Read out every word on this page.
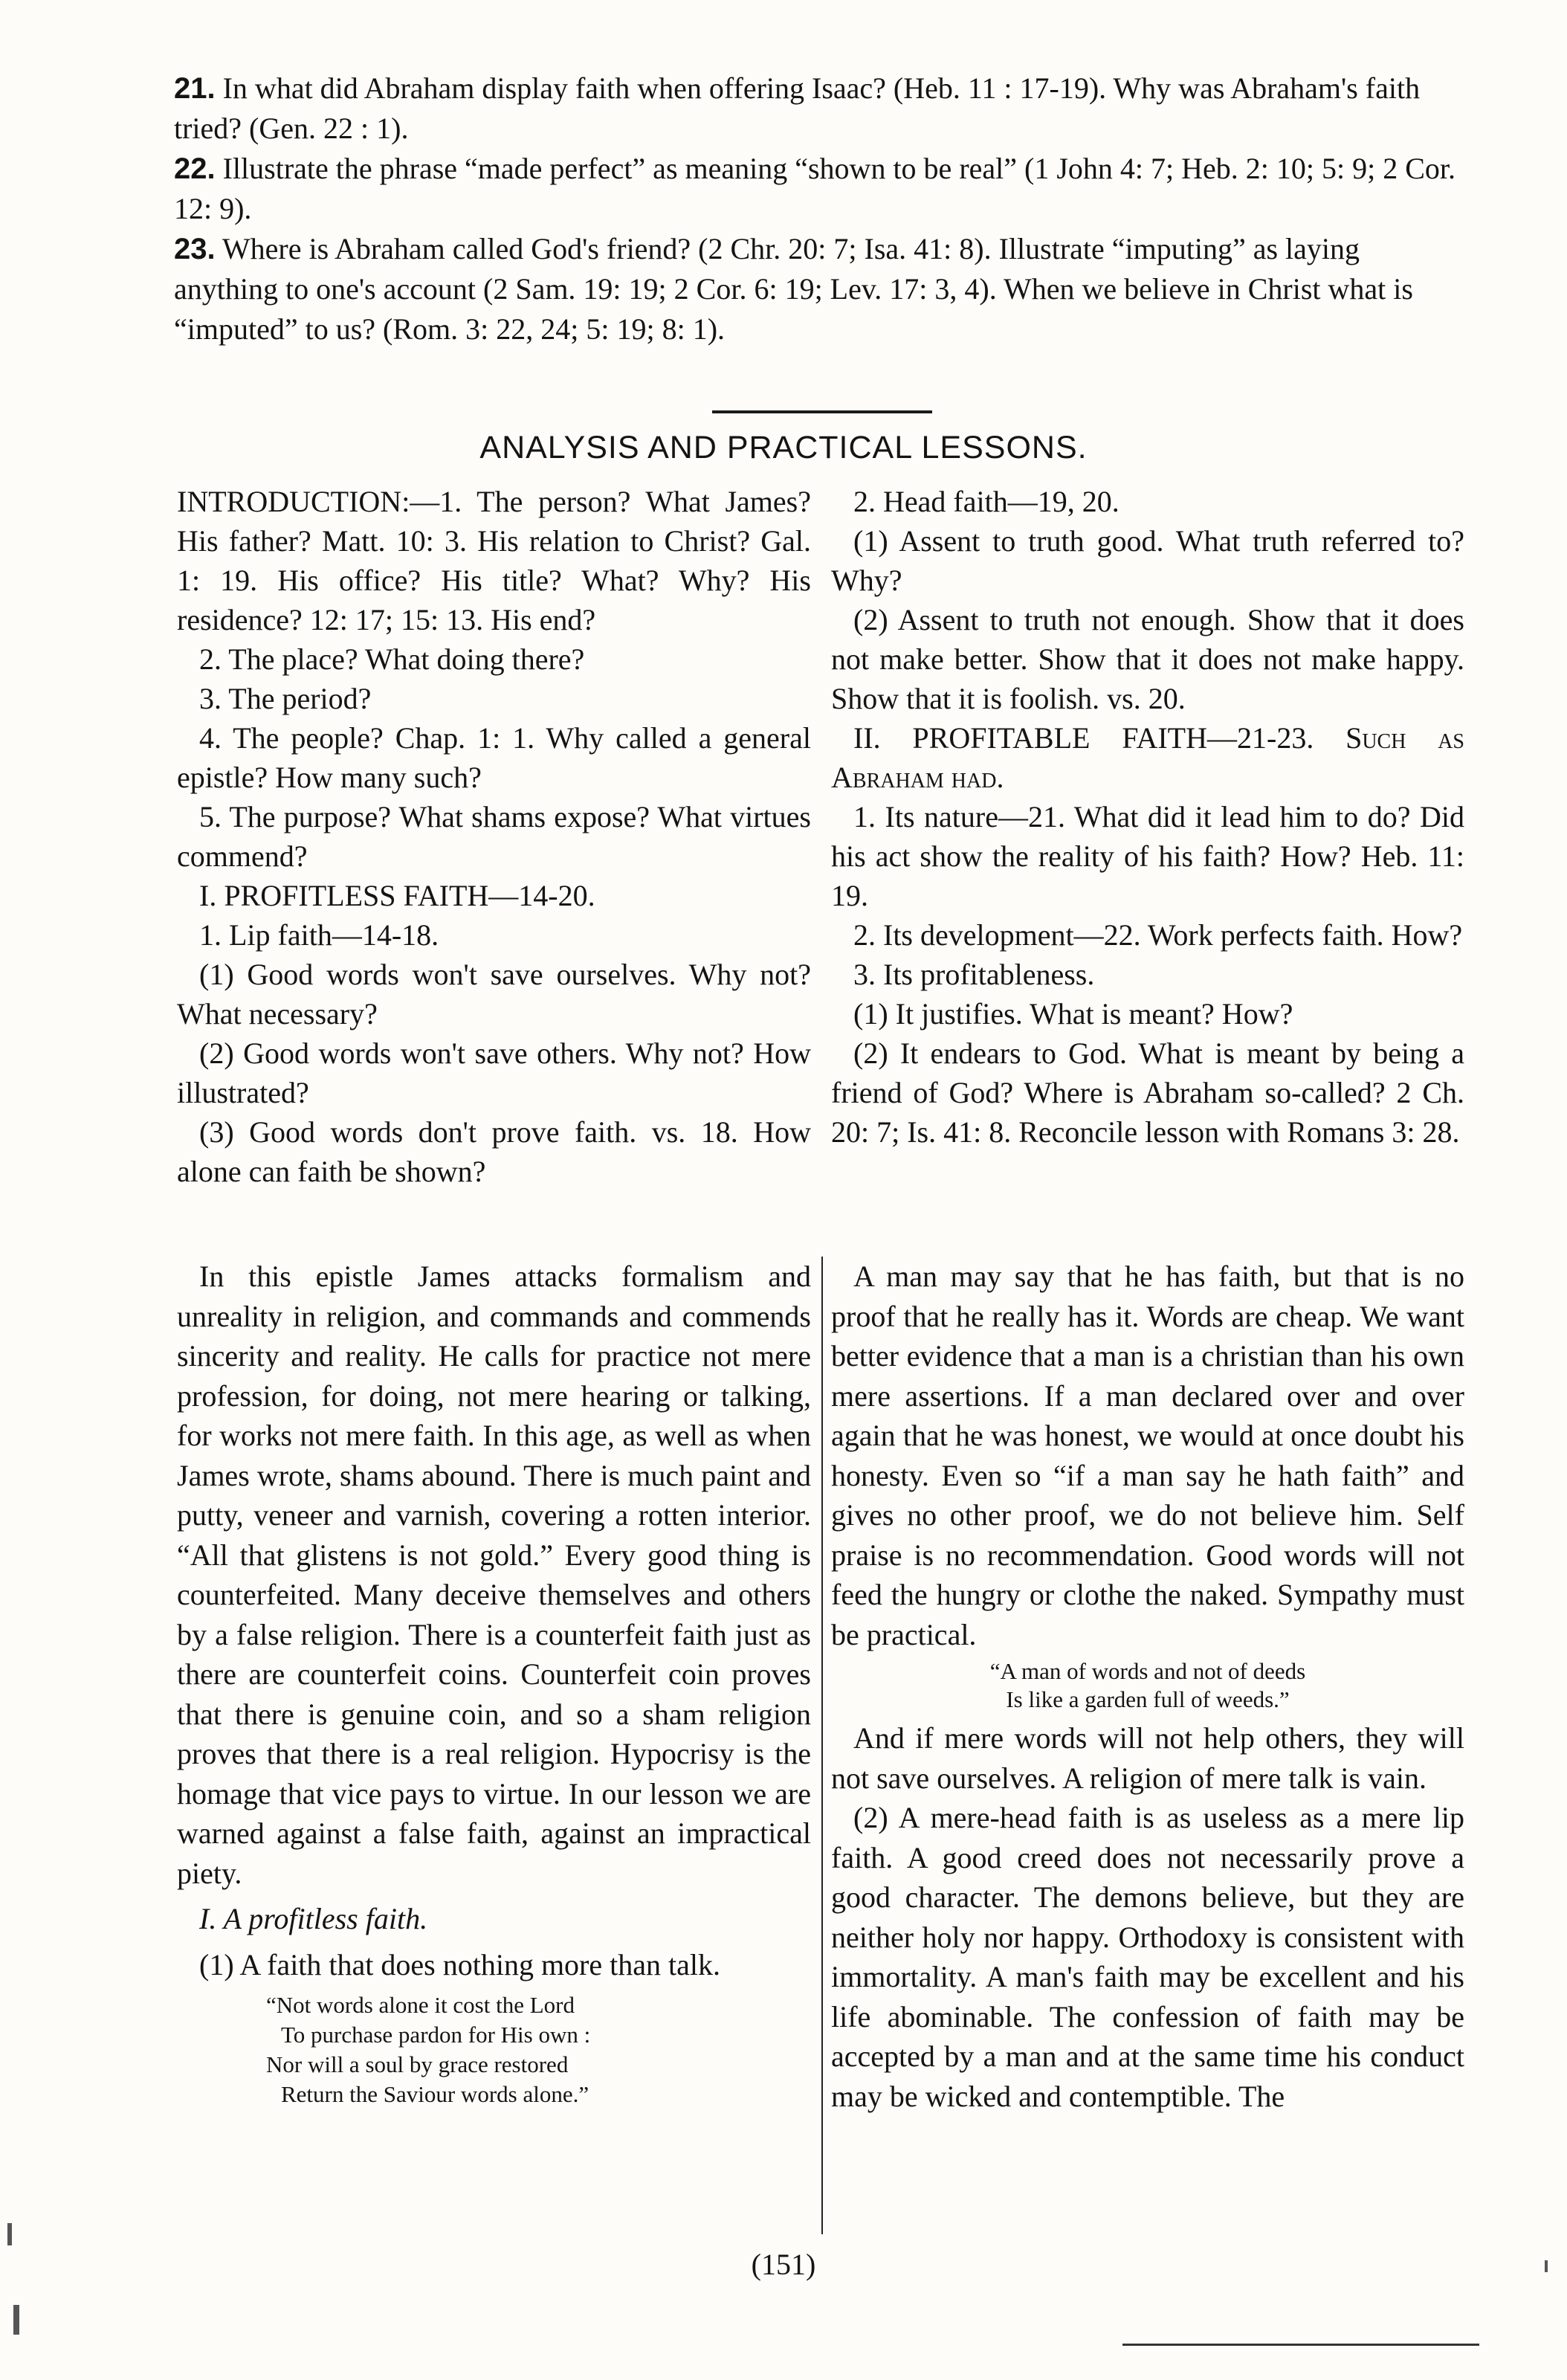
21. In what did Abraham display faith when offering Isaac? (Heb. 11 : 17-19). Why was Abraham's faith tried? (Gen. 22 : 1).

22. Illustrate the phrase “made perfect” as meaning “shown to be real” (1 John 4: 7; Heb. 2: 10; 5: 9; 2 Cor. 12: 9).

23. Where is Abraham called God's friend? (2 Chr. 20: 7; Isa. 41: 8). Illustrate “imputing” as laying anything to one's account (2 Sam. 19: 19; 2 Cor. 6: 19; Lev. 17: 3, 4). When we believe in Christ what is “imputed” to us? (Rom. 3: 22, 24; 5: 19; 8: 1).

ANALYSIS AND PRACTICAL LESSONS.

INTRODUCTION:—1. The person? What James? His father? Matt. 10: 3. His relation to Christ? Gal. 1: 19. His office? His title? What? Why? His residence? 12: 17; 15: 13. His end?

2. The place? What doing there?

3. The period?

4. The people? Chap. 1: 1. Why called a general epistle? How many such?

5. The purpose? What shams expose? What virtues commend?

I. PROFITLESS FAITH—14-20.

1. Lip faith—14-18.

(1) Good words won't save ourselves. Why not? What necessary?

(2) Good words won't save others. Why not? How illustrated?

(3) Good words don't prove faith. vs. 18. How alone can faith be shown?

2. Head faith—19, 20.

(1) Assent to truth good. What truth referred to? Why?

(2) Assent to truth not enough. Show that it does not make better. Show that it does not make happy. Show that it is foolish. vs. 20.

II. PROFITABLE FAITH—21-23. Such as Abraham had.

1. Its nature—21. What did it lead him to do? Did his act show the reality of his faith? How? Heb. 11: 19.

2. Its development—22. Work perfects faith. How?

3. Its profitableness.

(1) It justifies. What is meant? How?

(2) It endears to God. What is meant by being a friend of God? Where is Abraham so-called? 2 Ch. 20: 7; Is. 41: 8. Reconcile lesson with Romans 3: 28.

In this epistle James attacks formalism and unreality in religion, and commands and commends sincerity and reality. He calls for practice not mere profession, for doing, not mere hearing or talking, for works not mere faith. In this age, as well as when James wrote, shams abound. There is much paint and putty, veneer and varnish, covering a rotten interior. “All that glistens is not gold.” Every good thing is counterfeited. Many deceive themselves and others by a false religion. There is a counterfeit faith just as there are counterfeit coins. Counterfeit coin proves that there is genuine coin, and so a sham religion proves that there is a real religion. Hypocrisy is the homage that vice pays to virtue. In our lesson we are warned against a false faith, against an impractical piety.

I. A profitless faith.

(1) A faith that does nothing more than talk.

“Not words alone it cost the Lord

To purchase pardon for His own :

Nor will a soul by grace restored

Return the Saviour words alone.”

A man may say that he has faith, but that is no proof that he really has it. Words are cheap. We want better evidence that a man is a christian than his own mere assertions. If a man declared over and over again that he was honest, we would at once doubt his honesty. Even so “if a man say he hath faith” and gives no other proof, we do not believe him. Self praise is no recommendation. Good words will not feed the hungry or clothe the naked. Sympathy must be practical.

“A man of words and not of deeds

Is like a garden full of weeds.”

And if mere words will not help others, they will not save ourselves. A religion of mere talk is vain.

(2) A mere-head faith is as useless as a mere lip faith. A good creed does not necessarily prove a good character. The demons believe, but they are neither holy nor happy. Orthodoxy is consistent with immortality. A man's faith may be excellent and his life abominable. The confession of faith may be accepted by a man and at the same time his conduct may be wicked and contemptible. The

(151)
